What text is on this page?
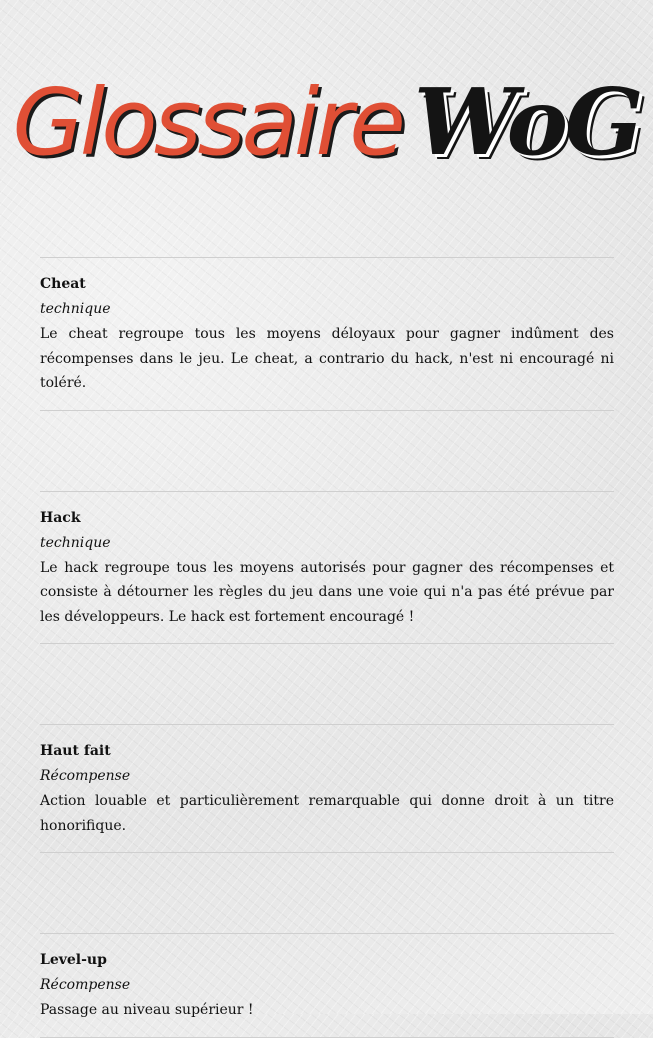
Glossaire WoG
Cheat
technique
Le cheat regroupe tous les moyens déloyaux pour gagner indûment des récompenses dans le jeu. Le cheat, a contrario du hack, n'est ni encouragé ni toléré.
Hack
technique
Le hack regroupe tous les moyens autorisés pour gagner des récompenses et consiste à détourner les règles du jeu dans une voie qui n'a pas été prévue par les développeurs. Le hack est fortement encouragé !
Haut fait
Récompense
Action louable et particulièrement remarquable qui donne droit à un titre honorifique.
Level-up
Récompense
Passage au niveau supérieur !
